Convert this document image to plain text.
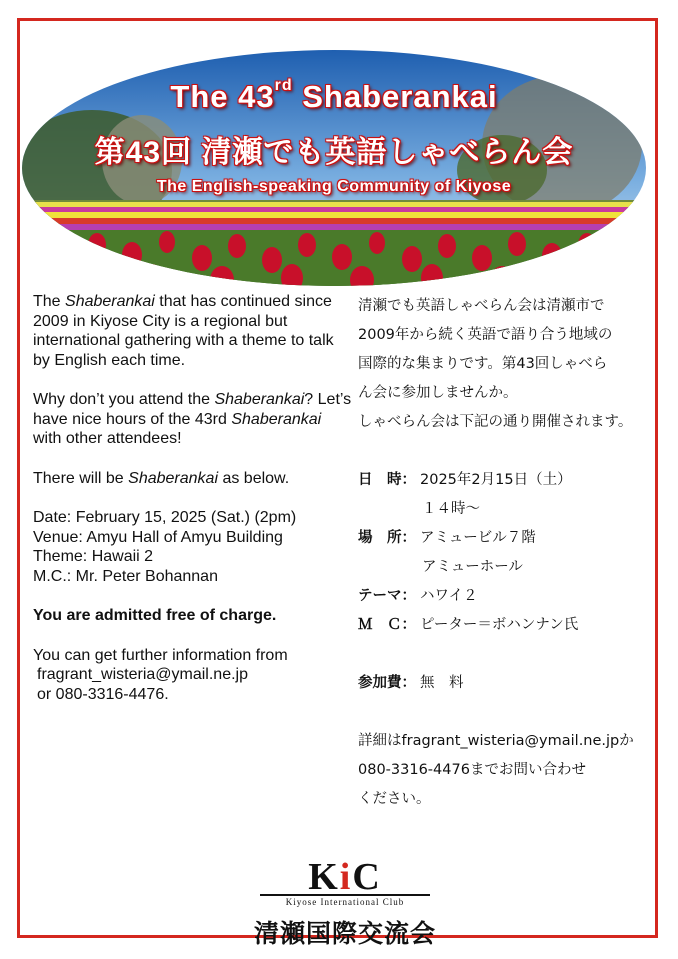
The 43rd Shaberankai
第43回 清瀬でも英語しゃべらん会
The English-speaking Community of Kiyose

The Shaberankai that has continued since 2009 in Kiyose City is a regional but international gathering with a theme to talk by English each time.

Why don’t you attend the Shaberankai? Let’s have nice hours of the 43rd Shaberankai with other attendees!

There will be Shaberankai as below.

Date: February 15, 2025 (Sat.) (2pm)

Venue: Amyu Hall of Amyu Building

Theme: Hawaii 2

M.C.: Mr. Peter Bohannan

You are admitted free of charge.

You can get further information from

fragrant_wisteria@ymail.ne.jp

or 080-3316-4476.

清瀬でも英語しゃべらん会は清瀬市で

2009年から続く英語で語り合う地域の

国際的な集まりです。第43回しゃべら

ん会に参加しませんか。

しゃべらん会は下記の通り開催されます。

日　時： 2025年2月15日（土）

１４時〜

場　所： アミュービル７階

アミューホール

テーマ： ハワイ２

Ｍ　Ｃ： ピーター＝ボハンナン氏

参加費： 無　料

詳細はfragrant_wisteria@ymail.ne.jpか

080-3316-4476までお問い合わせ

ください。

KiC
Kiyose International Club
清瀬国際交流会
